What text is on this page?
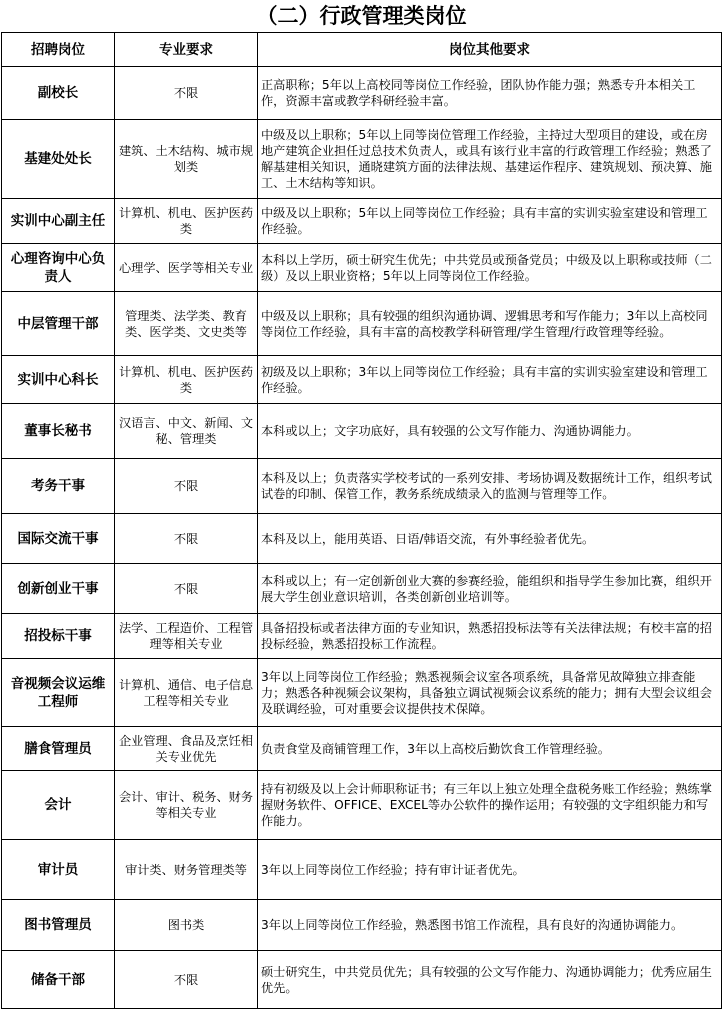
（二）行政管理类岗位
招聘岗位	专业要求	岗位其他要求
副校长	不限	正高职称；5年以上高校同等岗位工作经验，团队协作能力强；熟悉专升本相关工作，资源丰富或教学科研经验丰富。
基建处处长	建筑、土木结构、城市规划类	中级及以上职称；5年以上同等岗位管理工作经验，主持过大型项目的建设，或在房地产建筑企业担任过总技术负责人，或具有该行业丰富的行政管理工作经验；熟悉了解基建相关知识，通晓建筑方面的法律法规、基建运作程序、建筑规划、预决算、施工、土木结构等知识。
实训中心副主任	计算机、机电、医护医药类	中级及以上职称；5年以上同等岗位工作经验；具有丰富的实训实验室建设和管理工作经验。
心理咨询中心负责人	心理学、医学等相关专业	本科以上学历，硕士研究生优先；中共党员或预备党员；中级及以上职称或技师（二级）及以上职业资格；5年以上同等岗位工作经验。
中层管理干部	管理类、法学类、教育类、医学类、文史类等	中级及以上职称；具有较强的组织沟通协调、逻辑思考和写作能力；3年以上高校同等岗位工作经验，具有丰富的高校教学科研管理/学生管理/行政管理等经验。
实训中心科长	计算机、机电、医护医药类	初级及以上职称；3年以上同等岗位工作经验；具有丰富的实训实验室建设和管理工作经验。
董事长秘书	汉语言、中文、新闻、文秘、管理类	本科或以上；文字功底好，具有较强的公文写作能力、沟通协调能力。
考务干事	不限	本科及以上；负责落实学校考试的一系列安排、考场协调及数据统计工作，组织考试试卷的印制、保管工作，教务系统成绩录入的监测与管理等工作。
国际交流干事	不限	本科及以上，能用英语、日语/韩语交流，有外事经验者优先。
创新创业干事	不限	本科或以上；有一定创新创业大赛的参赛经验，能组织和指导学生参加比赛，组织开展大学生创业意识培训，各类创新创业培训等。
招投标干事	法学、工程造价、工程管理等相关专业	具备招投标或者法律方面的专业知识，熟悉招投标法等有关法律法规；有校丰富的招投标经验，熟悉招投标工作流程。
音视频会议运维工程师	计算机、通信、电子信息工程等相关专业	3年以上同等岗位工作经验；熟悉视频会议室各项系统，具备常见故障独立排查能力；熟悉各种视频会议架构，具备独立调试视频会议系统的能力；拥有大型会议组会及联调经验，可对重要会议提供技术保障。
膳食管理员	企业管理、食品及烹饪相关专业优先	负责食堂及商铺管理工作，3年以上高校后勤饮食工作管理经验。
会计	会计、审计、税务、财务等相关专业	持有初级及以上会计师职称证书；有三年以上独立处理全盘税务账工作经验；熟练掌握财务软件、OFFICE、EXCEL等办公软件的操作运用；有较强的文字组织能力和写作能力。
审计员	审计类、财务管理类等	3年以上同等岗位工作经验；持有审计证者优先。
图书管理员	图书类	3年以上同等岗位工作经验，熟悉图书馆工作流程，具有良好的沟通协调能力。
储备干部	不限	硕士研究生，中共党员优先；具有较强的公文写作能力、沟通协调能力；优秀应届生优先。
